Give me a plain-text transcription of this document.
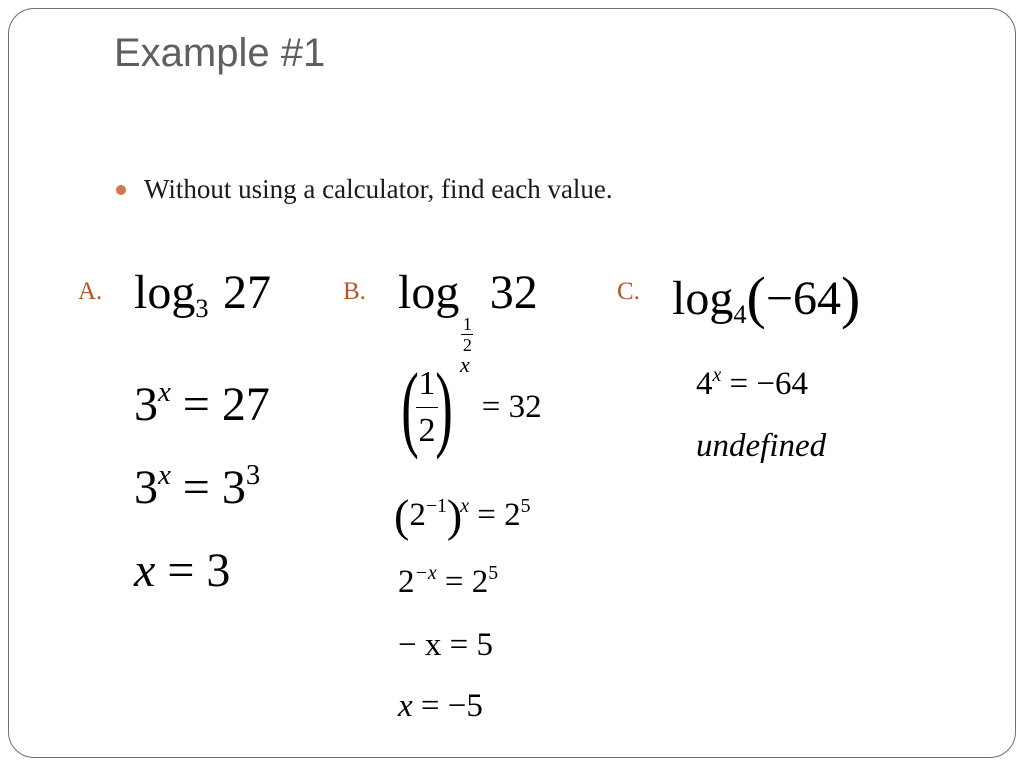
Example #1
Without using a calculator, find each value.
A. log3 27
$3^x = 27$
$3^x = 3^3$
x = 3
B. log
$\frac{1}{2}$
32
(
$\frac{1}{2}$
) x
= 32
$(2^{-1})^x = 2^5$
$2^{-x} = 2^5$
− x = 5
x = −5
C. log4(−64)
$4^x = -64$
undefined
